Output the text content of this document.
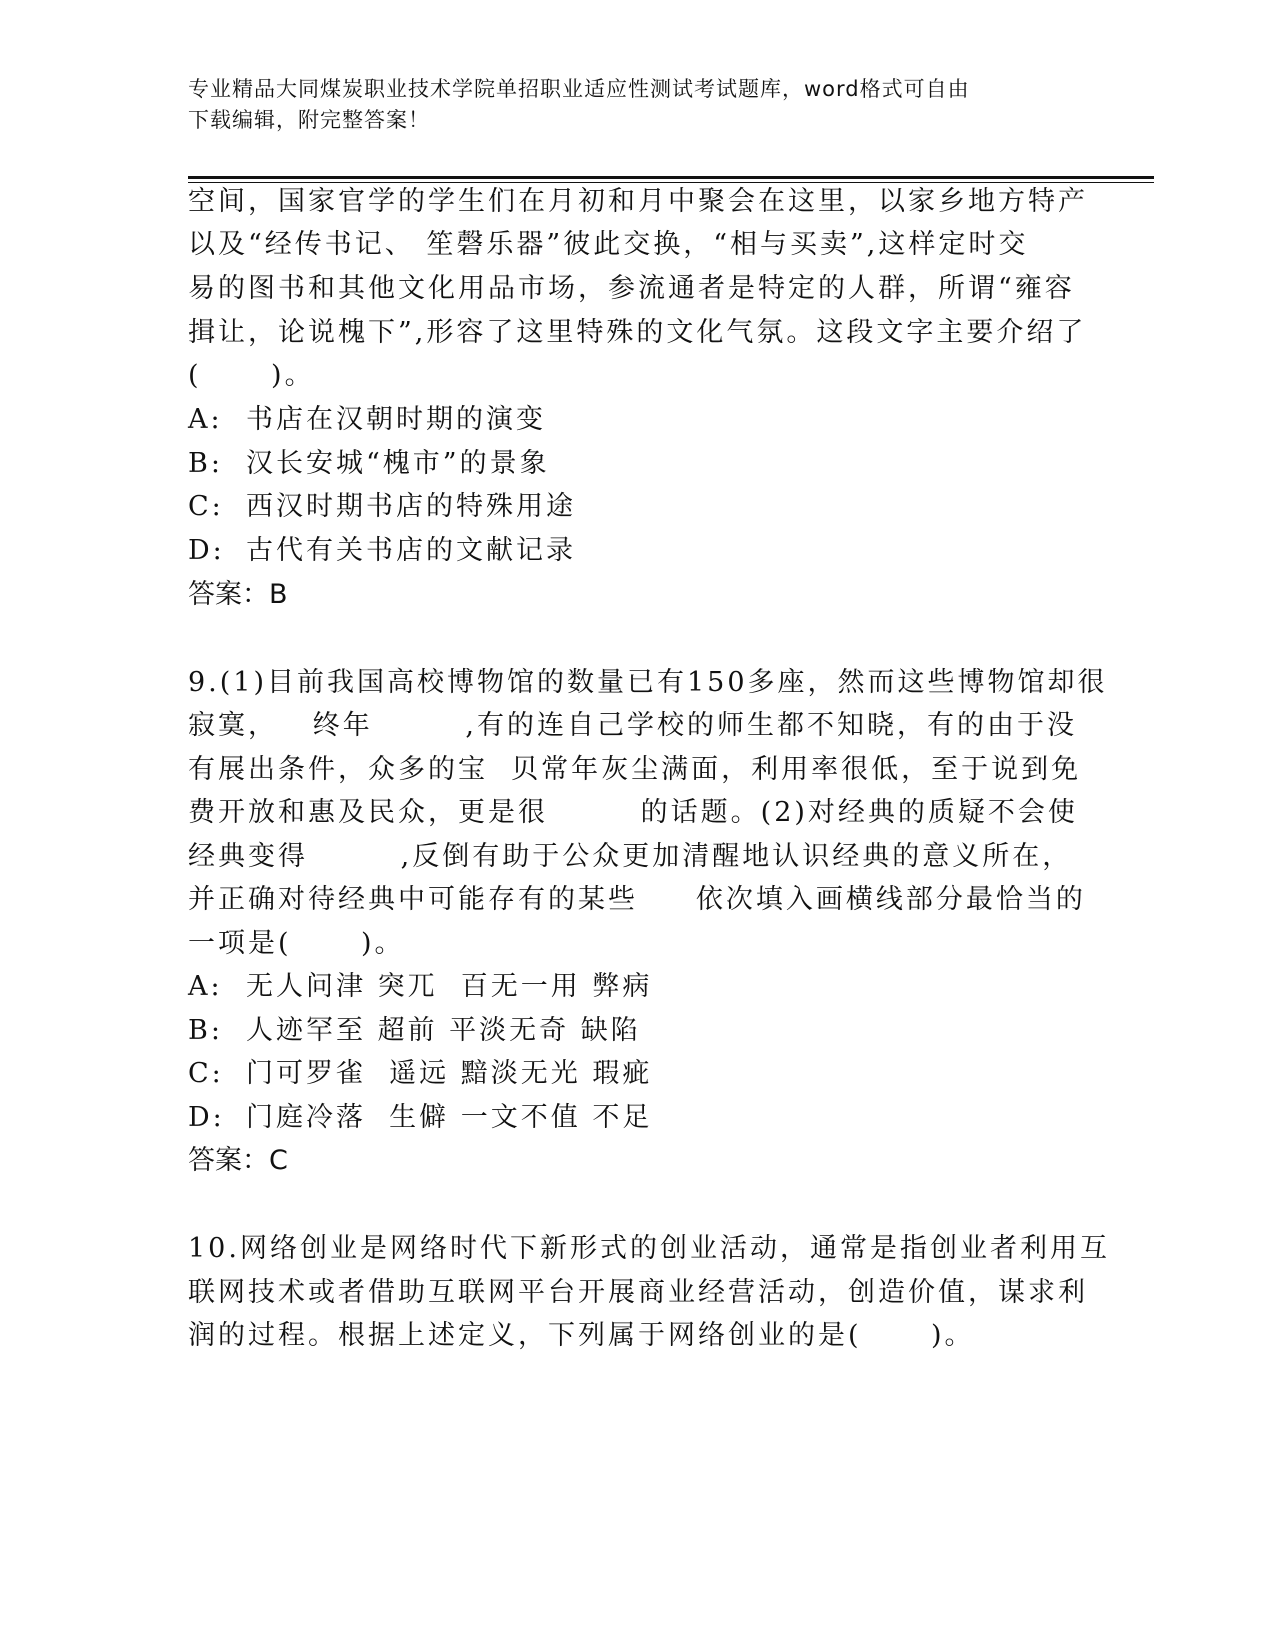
专业精品大同煤炭职业技术学院单招职业适应性测试考试题库，word格式可自由
下载编辑，附完整答案！
空间，国家官学的学生们在月初和月中聚会在这里，以家乡地方特产
以及“经传书记、 笙磬乐器”彼此交换，“相与买卖”,这样定时交
易的图书和其他文化用品市场，参流通者是特定的人群，所谓“雍容
揖让，论说槐下”,形容了这里特殊的文化气氛。这段文字主要介绍了
(      )。
A: 书店在汉朝时期的演变
B: 汉长安城“槐市”的景象
C: 西汉时期书店的特殊用途
D: 古代有关书店的文献记录
答案：B
9.(1)目前我国高校博物馆的数量已有150多座，然而这些博物馆却很
寂寞，   终年        ,有的连自己学校的师生都不知晓，有的由于没
有展出条件，众多的宝  贝常年灰尘满面，利用率很低，至于说到免
费开放和惠及民众，更是很        的话题。(2)对经典的质疑不会使
经典变得        ,反倒有助于公众更加清醒地认识经典的意义所在，
并正确对待经典中可能存有的某些     依次填入画横线部分最恰当的
一项是(      )。
A: 无人问津 突兀  百无一用 弊病
B: 人迹罕至 超前 平淡无奇 缺陷
C: 门可罗雀  遥远 黯淡无光 瑕疵
D: 门庭冷落  生僻 一文不值 不足
答案：C
10.网络创业是网络时代下新形式的创业活动，通常是指创业者利用互
联网技术或者借助互联网平台开展商业经营活动，创造价值，谋求利
润的过程。根据上述定义，下列属于网络创业的是(      )。
